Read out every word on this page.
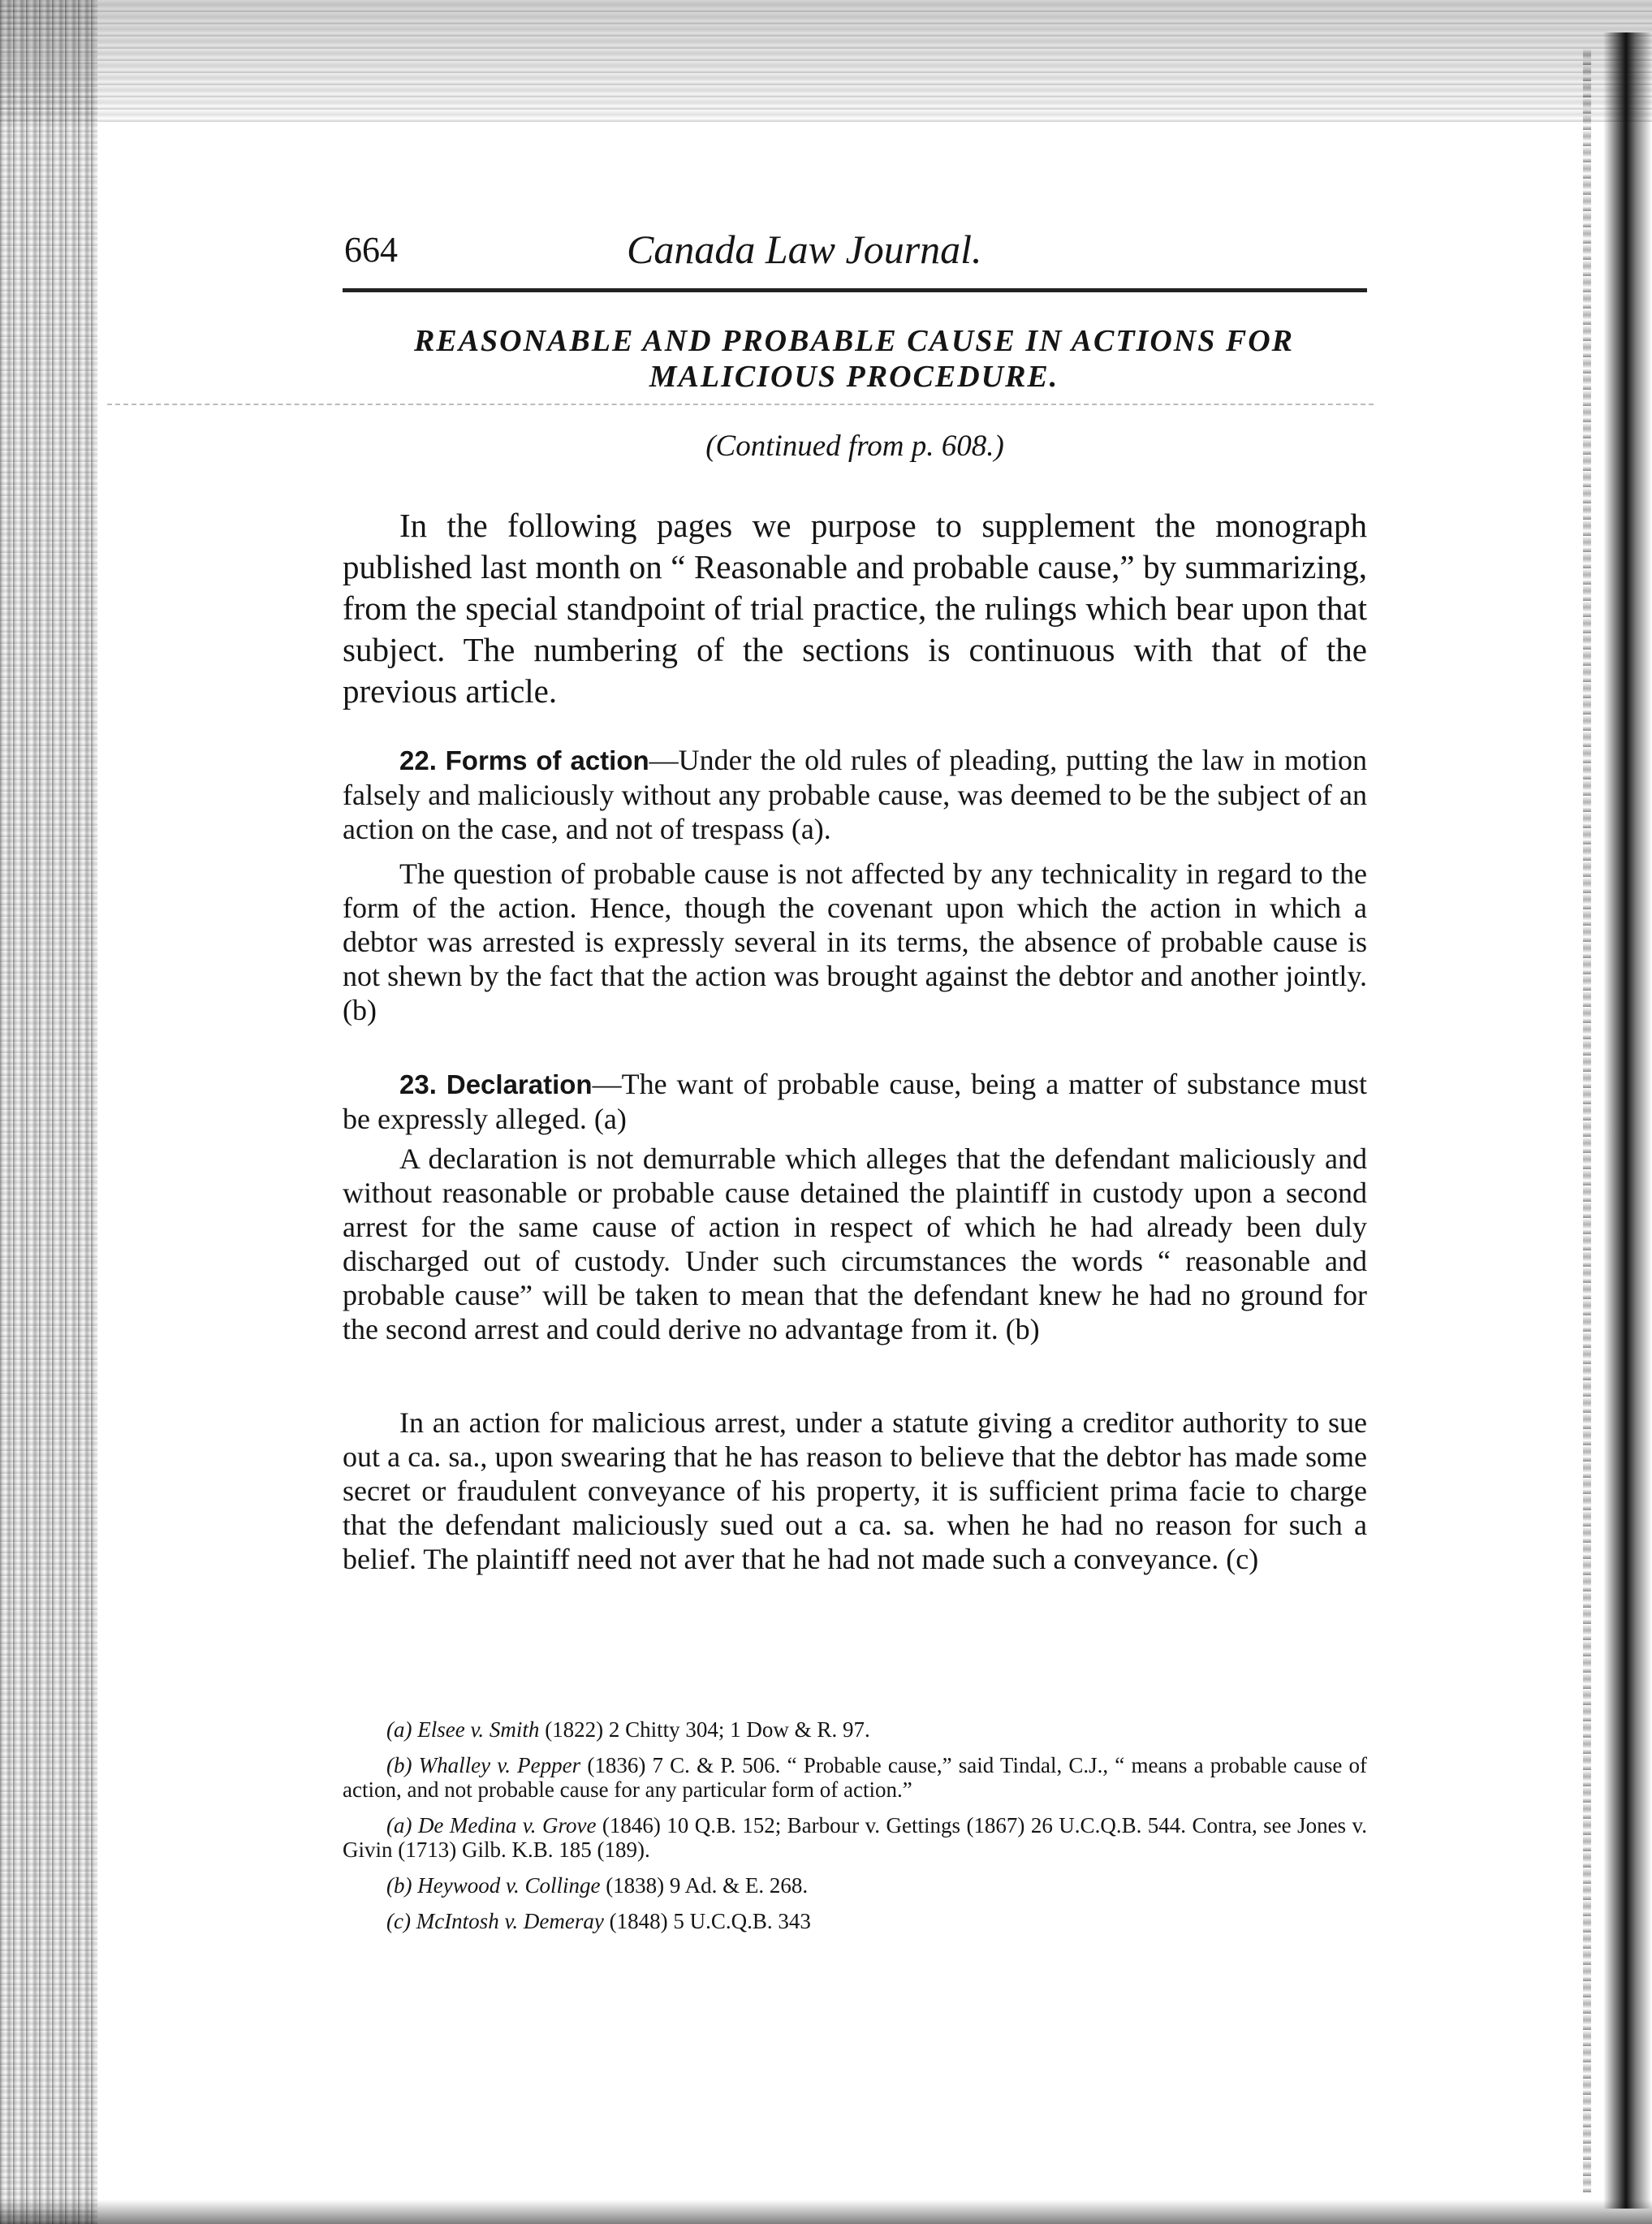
664	Canada Law Journal.
REASONABLE AND PROBABLE CAUSE IN ACTIONS FOR
MALICIOUS PROCEDURE.
(Continued from p. 608.)

In the following pages we purpose to supplement the monograph published last month on “ Reasonable and probable cause,” by summarizing, from the special standpoint of trial practice, the rulings which bear upon that subject. The numbering of the sections is continuous with that of the previous article.

22. Forms of action—Under the old rules of pleading, putting the law in motion falsely and maliciously without any probable cause, was deemed to be the subject of an action on the case, and not of trespass (a).

The question of probable cause is not affected by any technicality in regard to the form of the action. Hence, though the covenant upon which the action in which a debtor was arrested is expressly several in its terms, the absence of probable cause is not shewn by the fact that the action was brought against the debtor and another jointly. (b)

23. Declaration—The want of probable cause, being a matter of substance must be expressly alleged. (a)

A declaration is not demurrable which alleges that the defendant maliciously and without reasonable or probable cause detained the plaintiff in custody upon a second arrest for the same cause of action in respect of which he had already been duly discharged out of custody. Under such circumstances the words “ reasonable and probable cause” will be taken to mean that the defendant knew he had no ground for the second arrest and could derive no advantage from it. (b)

In an action for malicious arrest, under a statute giving a creditor authority to sue out a ca. sa., upon swearing that he has reason to believe that the debtor has made some secret or fraudulent conveyance of his property, it is sufficient prima facie to charge that the defendant maliciously sued out a ca. sa. when he had no reason for such a belief. The plaintiff need not aver that he had not made such a conveyance. (c)

(a) Elsee v. Smith (1822) 2 Chitty 304; 1 Dow & R. 97.

(b) Whalley v. Pepper (1836) 7 C. & P. 506. “ Probable cause,” said Tindal, C.J., “ means a probable cause of action, and not probable cause for any particular form of action.”

(a) De Medina v. Grove (1846) 10 Q.B. 152; Barbour v. Gettings (1867) 26 U.C.Q.B. 544. Contra, see Jones v. Givin (1713) Gilb. K.B. 185 (189).

(b) Heywood v. Collinge (1838) 9 Ad. & E. 268.

(c) McIntosh v. Demeray (1848) 5 U.C.Q.B. 343
